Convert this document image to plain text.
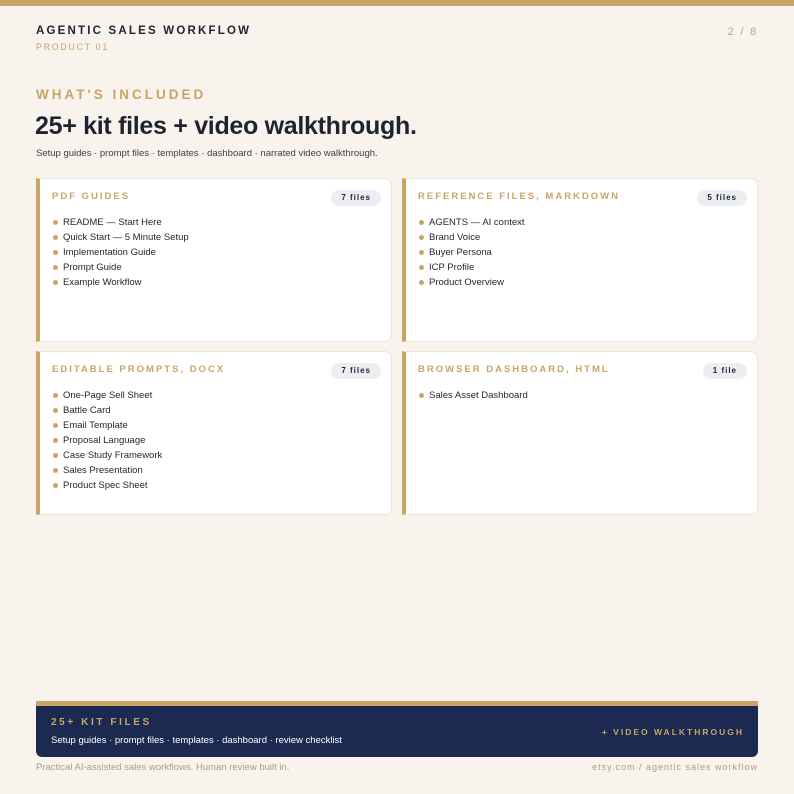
AGENTIC SALES WORKFLOW
PRODUCT 01
2 / 8
WHAT'S INCLUDED
25+ kit files + video walkthrough.
Setup guides · prompt files · templates · dashboard · narrated video walkthrough.
PDF GUIDES	7 files
README — Start Here
Quick Start — 5 Minute Setup
Implementation Guide
Prompt Guide
Example Workflow
REFERENCE FILES, MARKDOWN	5 files
AGENTS — AI context
Brand Voice
Buyer Persona
ICP Profile
Product Overview
EDITABLE PROMPTS, DOCX	7 files
One-Page Sell Sheet
Battle Card
Email Template
Proposal Language
Case Study Framework
Sales Presentation
Product Spec Sheet
BROWSER DASHBOARD, HTML	1 file
Sales Asset Dashboard
25+ KIT FILES
Setup guides · prompt files · templates · dashboard · review checklist
+ VIDEO WALKTHROUGH
Practical AI-assisted sales workflows. Human review built in.	etsy.com / agentic sales workflow
